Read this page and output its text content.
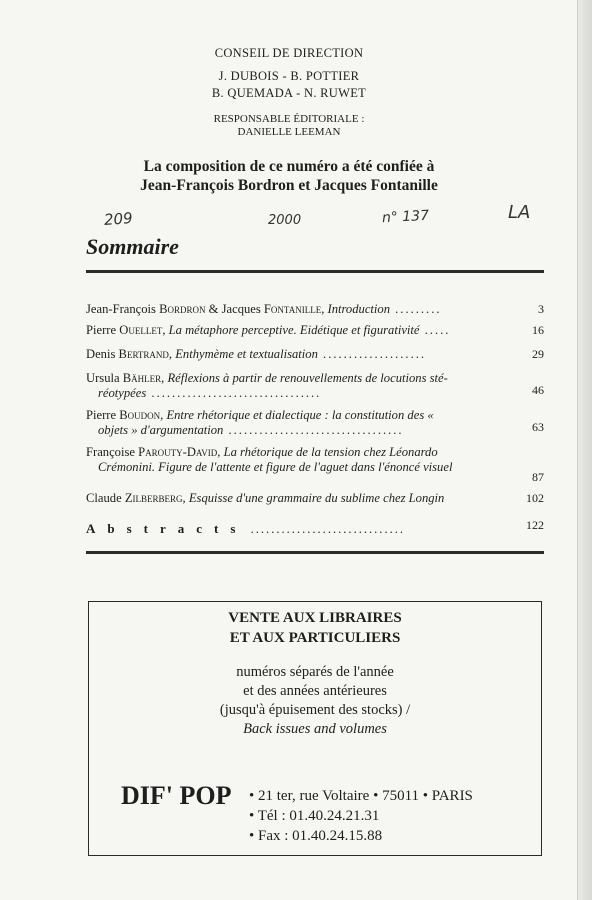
CONSEIL DE DIRECTION
J. DUBOIS - B. POTTIER
B. QUEMADA - N. RUWET
RESPONSABLE ÉDITORIALE :
DANIELLE LEEMAN
La composition de ce numéro a été confiée à
Jean-François Bordron et Jacques Fontanille
209	2000	n° 137	LA
Sommaire
Jean-François Bordron & Jacques Fontanille, Introduction .........	3
Pierre Ouellet, La métaphore perceptive. Eidétique et figurativité .....	16
Denis Bertrand, Enthymème et textualisation ....................	29
Ursula Bähler, Réflexions à partir de renouvellements de locutions sté-
réotypées .................................	46
Pierre Boudon, Entre rhétorique et dialectique : la constitution des «
objets » d'argumentation ..................................	63
Françoise Parouty-David, La rhétorique de la tension chez Léonardo
Crémonini. Figure de l'attente et figure de l'aguet dans l'énoncé visuel
87
Claude Zilberberg, Esquisse d'une grammaire du sublime chez Longin	102
Abstracts ..............................	122
VENTE AUX LIBRAIRES
ET AUX PARTICULIERS
numéros séparés de l'année
et des années antérieures
(jusqu'à épuisement des stocks) /
Back issues and volumes
DIF' POP • 21 ter, rue Voltaire • 75011 • PARIS
• Tél : 01.40.24.21.31
• Fax : 01.40.24.15.88
